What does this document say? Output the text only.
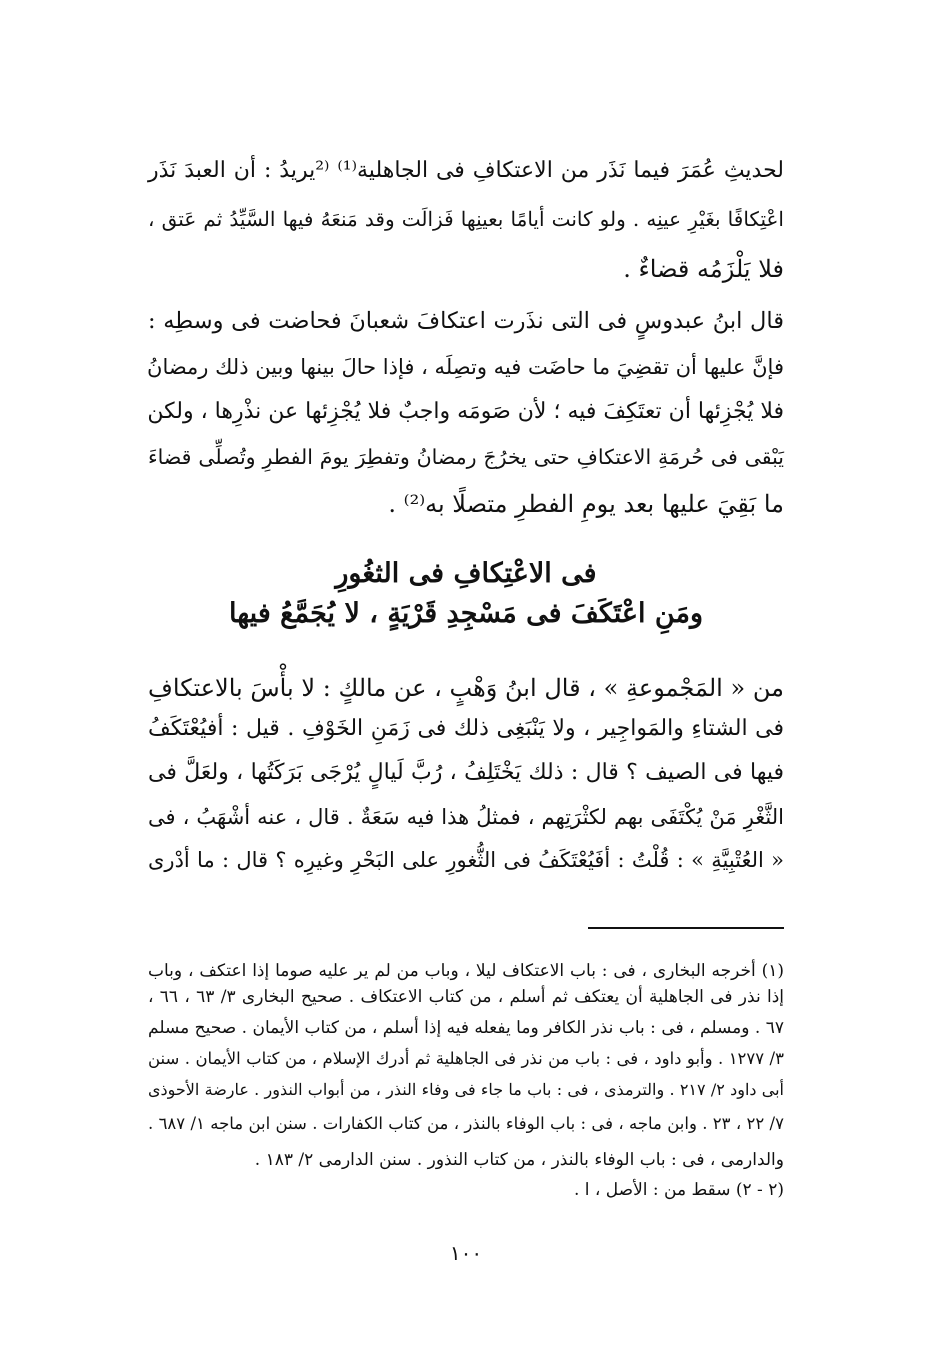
لحديثِ عُمَرَ فيما نَذَر من الاعتكافِ فى الجاهلية⁽¹⁾ ⁽²يريدُ : أن العبدَ نَذَر
اعْتِكافًا بغَيْرِ عينِه . ولو كانت أيامًا بعينِها فَزالَت وقد مَنعَهُ فيها السَّيِّدُ ثم عَتق ،
فلا يَلْزَمُه قضاءٌ .
قال ابنُ عبدوسٍ فى التى نذَرت اعتكافَ شعبانَ فحاضت فى وسطِه :
فإنَّ عليها أن تقضِيَ ما حاضَت فيه وتصِلَه ، فإذا حالَ بينها وبين ذلك رمضانُ
فلا يُجْزِئها أن تعتَكِفَ فيه ؛ لأن صَومَه واجبٌ فلا يُجْزِئها عن نذْرِها ، ولكن
يَبْقى فى حُرمَةِ الاعتكافِ حتى يخرُجَ رمضانُ وتفطِرَ يومَ الفطرِ وتُصلِّى قضاءَ
ما بَقِيَ عليها بعد يومِ الفطرِ متصلًا به⁽²⁾ .
فى الاعْتِكافِ فى الثغُورِ
ومَنِ اعْتَكَفَ فى مَسْجِدِ قَرْيَةٍ ، لا يُجَمَّعُ فيها
من « المَجْموعةِ » ، قال ابنُ وَهْبٍ ، عن مالكٍ : لا بأْسَ بالاعتكافِ
فى الشتاءِ والمَواجِير ، ولا يَنْبَغِى ذلك فى زَمَنِ الخَوْفِ . قيل : أفيُعْتَكَفُ
فيها فى الصيف ؟ قال : ذلك يَخْتَلِفُ ، رُبَّ لَيالٍ يُرْجَى بَرَكَتُها ، ولعَلَّ فى
الثَّغْرِ مَنْ يُكْتَفَى بهم لكثْرَتِهم ، فمثلُ هذا فيه سَعَةٌ . قال ، عنه أشْهَبُ ، فى
« العُتْبِيَّةِ » : قُلْتُ : أفَيُعْتَكَفُ فى الثُّغورِ على البَحْرِ وغيرِه ؟ قال : ما أدْرى
(١) أخرجه البخارى ، فى : باب الاعتكاف ليلا ، وباب من لم ير عليه صوما إذا اعتكف ، وباب
إذا نذر فى الجاهلية أن يعتكف ثم أسلم ، من كتاب الاعتكاف . صحيح البخارى ٣/ ٦٣ ، ٦٦ ،
٦٧ . ومسلم ، فى : باب نذر الكافر وما يفعله فيه إذا أسلم ، من كتاب الأيمان . صحيح مسلم
٣/ ١٢٧٧ . وأبو داود ، فى : باب من نذر فى الجاهلية ثم أدرك الإسلام ، من كتاب الأيمان . سنن
أبى داود ٢/ ٢١٧ . والترمذى ، فى : باب ما جاء فى وفاء النذر ، من أبواب النذور . عارضة الأحوذى
٧/ ٢٢ ، ٢٣ . وابن ماجه ، فى : باب الوفاء بالنذر ، من كتاب الكفارات . سنن ابن ماجه ١/ ٦٨٧ .
والدارمى ، فى : باب الوفاء بالنذر ، من كتاب النذور . سنن الدارمى ٢/ ١٨٣ .
(٢ - ٢) سقط من : الأصل ، ا .
١٠٠
